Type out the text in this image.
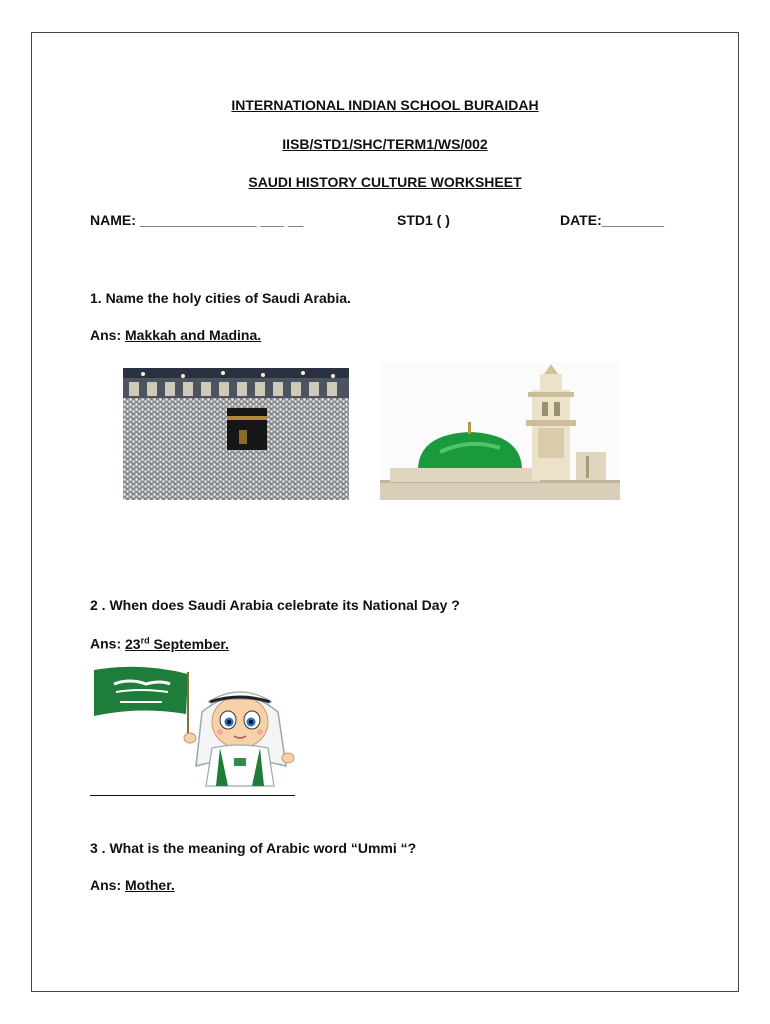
INTERNATIONAL INDIAN SCHOOL BURAIDAH
IISB/STD1/SHC/TERM1/WS/002
SAUDI HISTORY CULTURE WORKSHEET
NAME: _______________ ___ __	STD1 ( )	DATE:________
1. Name the holy cities of Saudi Arabia.
Ans: Makkah and Madina.
2 . When does Saudi Arabia celebrate its National Day ?
Ans: 23rd September.
3 . What is the meaning of Arabic word “Ummi “?
Ans: Mother.
